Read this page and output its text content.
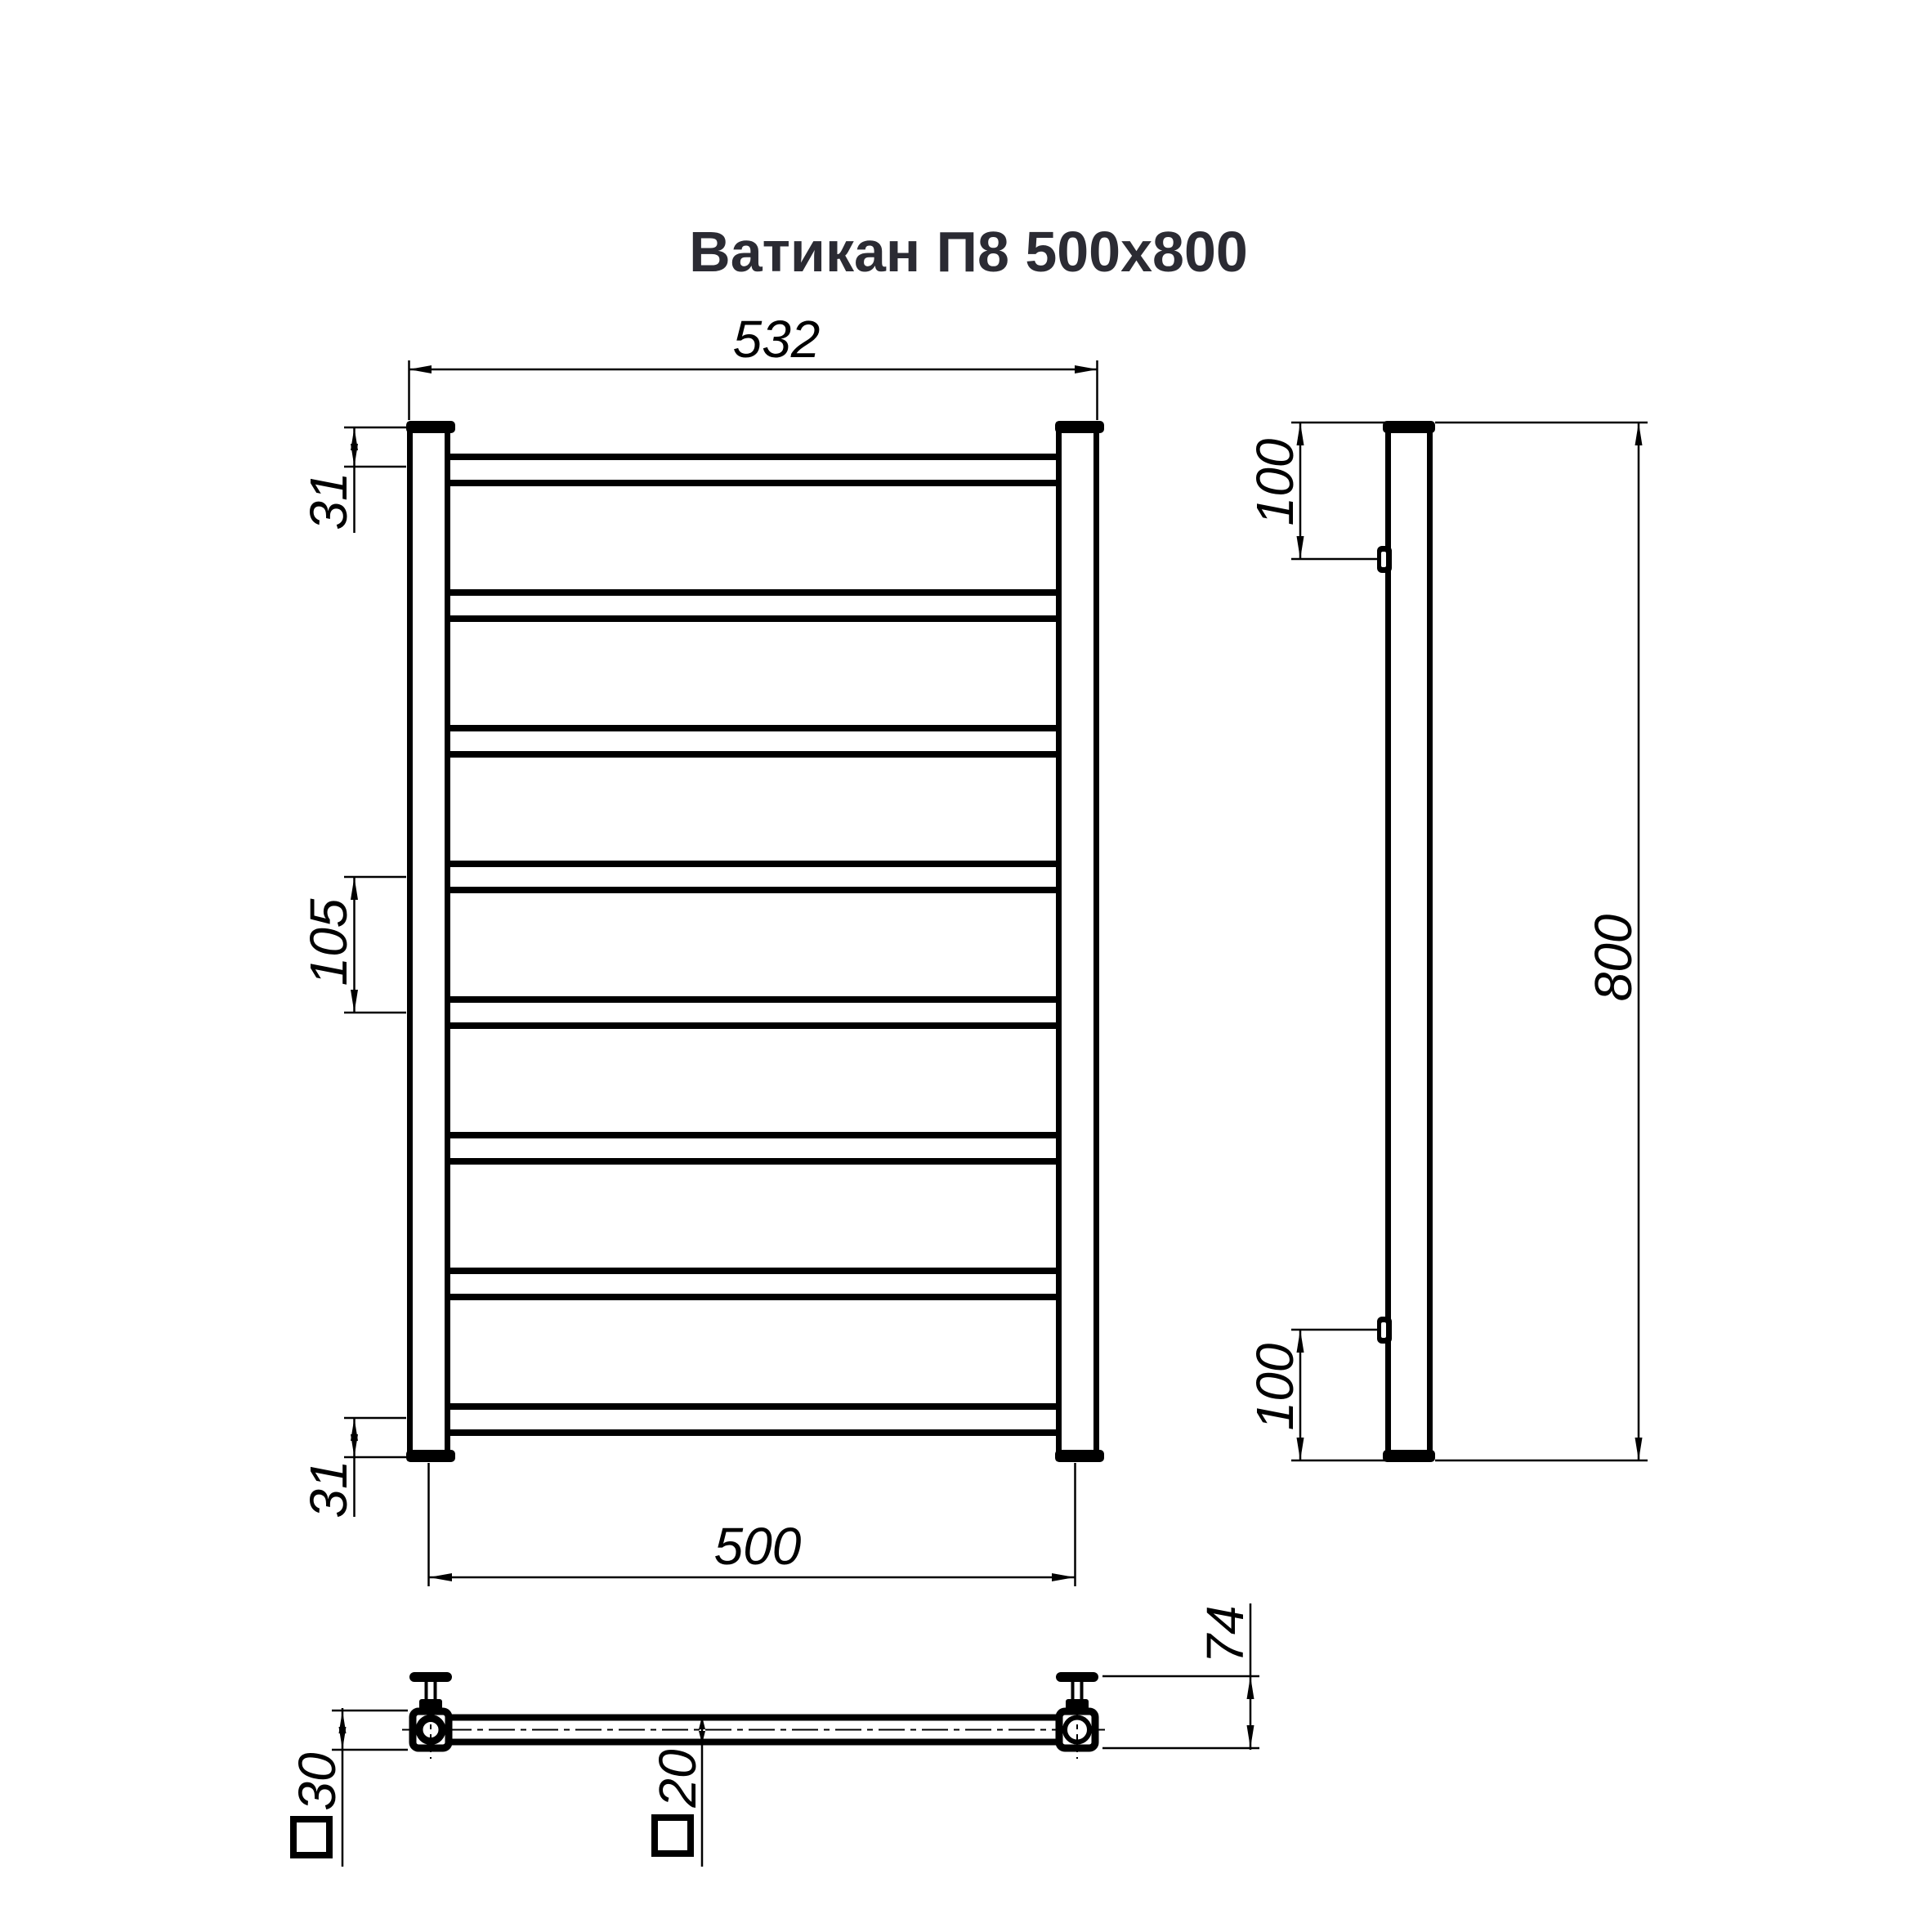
Ватикан П8 500x800
532
31
105
31
500
100
100
800
74
30	20
